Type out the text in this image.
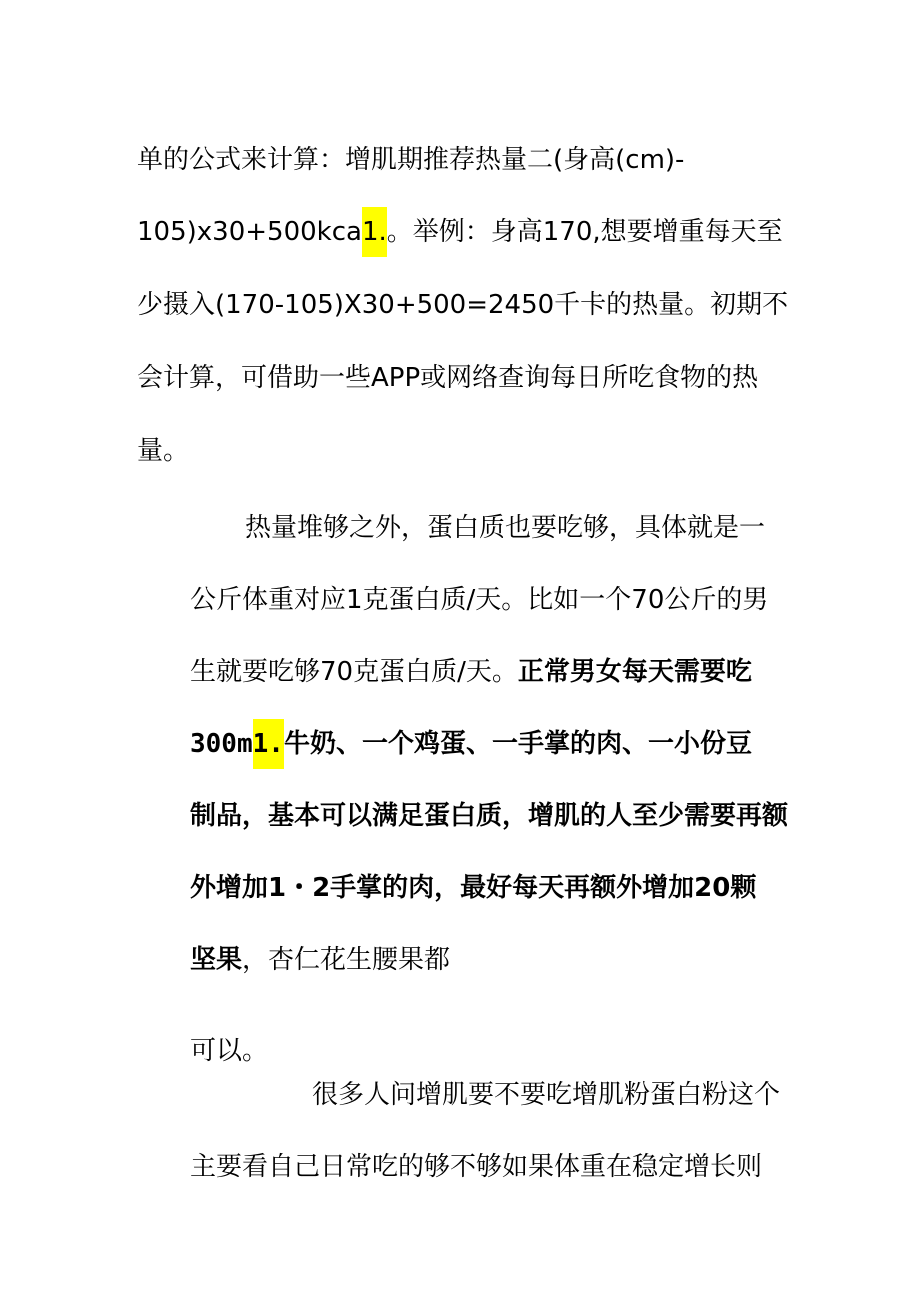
单的公式来计算：增肌期推荐热量二(身高(cm)-
105)x30+500kca1.。举例：身高170,想要增重每天至
少摄入(170-105)X30+500=2450千卡的热量。初期不
会计算，可借助一些APP或网络查询每日所吃食物的热
量。
热量堆够之外，蛋白质也要吃够，具体就是一
公斤体重对应1克蛋白质/天。比如一个70公斤的男
生就要吃够70克蛋白质/天。正常男女每天需要吃
300m1.牛奶、一个鸡蛋、一手掌的肉、一小份豆
制品，基本可以满足蛋白质，增肌的人至少需要再额
外增加1・2手掌的肉，最好每天再额外增加20颗
坚果，杏仁花生腰果都
可以。
很多人问增肌要不要吃增肌粉蛋白粉这个
主要看自己日常吃的够不够如果体重在稳定增长则
